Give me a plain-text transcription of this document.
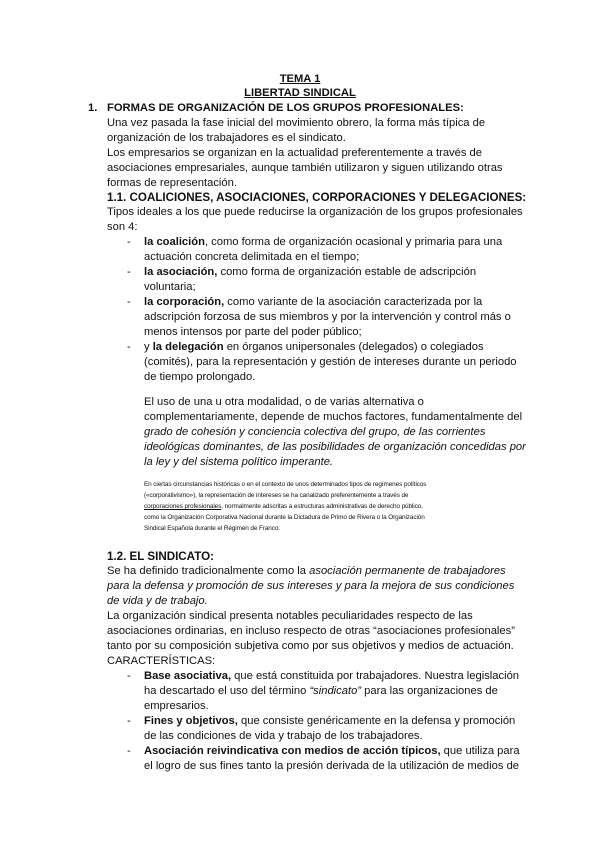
TEMA 1
LIBERTAD SINDICAL
1. FORMAS DE ORGANIZACIÓN DE LOS GRUPOS PROFESIONALES:
Una vez pasada la fase inicial del movimiento obrero, la forma más típica de
organización de los trabajadores es el sindicato.
Los empresarios se organizan en la actualidad preferentemente a través de
asociaciones empresariales, aunque también utilizaron y siguen utilizando otras
formas de representación.
1.1. COALICIONES, ASOCIACIONES, CORPORACIONES Y DELEGACIONES:
Tipos ideales a los que puede reducirse la organización de los grupos profesionales
son 4:
- la coalición, como forma de organización ocasional y primaria para una
actuación concreta delimitada en el tiempo;
- la asociación, como forma de organización estable de adscripción
voluntaria;
- la corporación, como variante de la asociación caracterizada por la
adscripción forzosa de sus miembros y por la intervención y control más o
menos intensos por parte del poder público;
- y la delegación en órganos unipersonales (delegados) o colegiados
(comités), para la representación y gestión de intereses durante un periodo
de tiempo prolongado.
El uso de una u otra modalidad, o de varias alternativa o
complementariamente, depende de muchos factores, fundamentalmente del
grado de cohesión y conciencia colectiva del grupo, de las corrientes
ideológicas dominantes, de las posibilidades de organización concedidas por
la ley y del sistema político imperante.
En ciertas circunstancias históricas o en el contexto de unos determinados tipos de regímenes políticos
(«corporativismo»), la representación de intereses se ha canalizado preferentemente a través de
corporaciones profesionales, normalmente adscritas a estructuras administrativas de derecho público,
como la Organización Corporativa Nacional durante la Dictadura de Primo de Rivera o la Organización
Sindical Española durante el Régimen de Franco.
1.2. EL SINDICATO:
Se ha definido tradicionalmente como la asociación permanente de trabajadores
para la defensa y promoción de sus intereses y para la mejora de sus condiciones
de vida y de trabajo.
La organización sindical presenta notables peculiaridades respecto de las
asociaciones ordinarias, en incluso respecto de otras “asociaciones profesionales”
tanto por su composición subjetiva como por sus objetivos y medios de actuación.
CARACTERÍSTICAS:
- Base asociativa, que está constituida por trabajadores. Nuestra legislación
ha descartado el uso del término “sindicato” para las organizaciones de
empresarios.
- Fines y objetivos, que consiste genéricamente en la defensa y promoción
de las condiciones de vida y trabajo de los trabajadores.
- Asociación reivindicativa con medios de acción típicos, que utiliza para
el logro de sus fines tanto la presión derivada de la utilización de medios de
